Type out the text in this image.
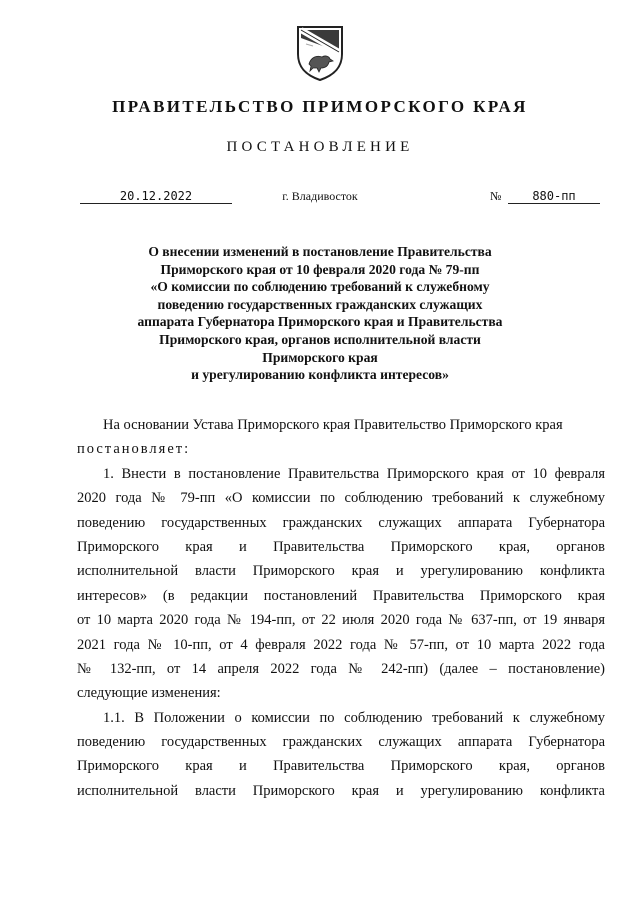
ПРАВИТЕЛЬСТВО ПРИМОРСКОГО КРАЯ
ПОСТАНОВЛЕНИЕ
20.12.2022	г. Владивосток	№	880-пп
О внесении изменений в постановление Правительства
Приморского края от 10 февраля 2020 года № 79-пп
«О комиссии по соблюдению требований к служебному
поведению государственных гражданских служащих
аппарата Губернатора Приморского края и Правительства
Приморского края, органов исполнительной власти
Приморского края
и урегулированию конфликта интересов»
На основании Устава Приморского края Правительство Приморского края
постановляет:
1. Внести в постановление Правительства Приморского края от 10 февраля
2020 года № 79-пп «О комиссии по соблюдению требований к служебному
поведению государственных гражданских служащих аппарата Губернатора
Приморского края и Правительства Приморского края, органов
исполнительной власти Приморского края и урегулированию конфликта
интересов» (в редакции постановлений Правительства Приморского края
от 10 марта 2020 года № 194-пп, от 22 июля 2020 года № 637-пп, от 19 января
2021 года № 10-пп, от 4 февраля 2022 года № 57-пп, от 10 марта 2022 года
№ 132-пп, от 14 апреля 2022 года № 242-пп) (далее – постановление)
следующие изменения:
1.1. В Положении о комиссии по соблюдению требований к служебному
поведению государственных гражданских служащих аппарата Губернатора
Приморского края и Правительства Приморского края, органов
исполнительной власти Приморского края и урегулированию конфликта
